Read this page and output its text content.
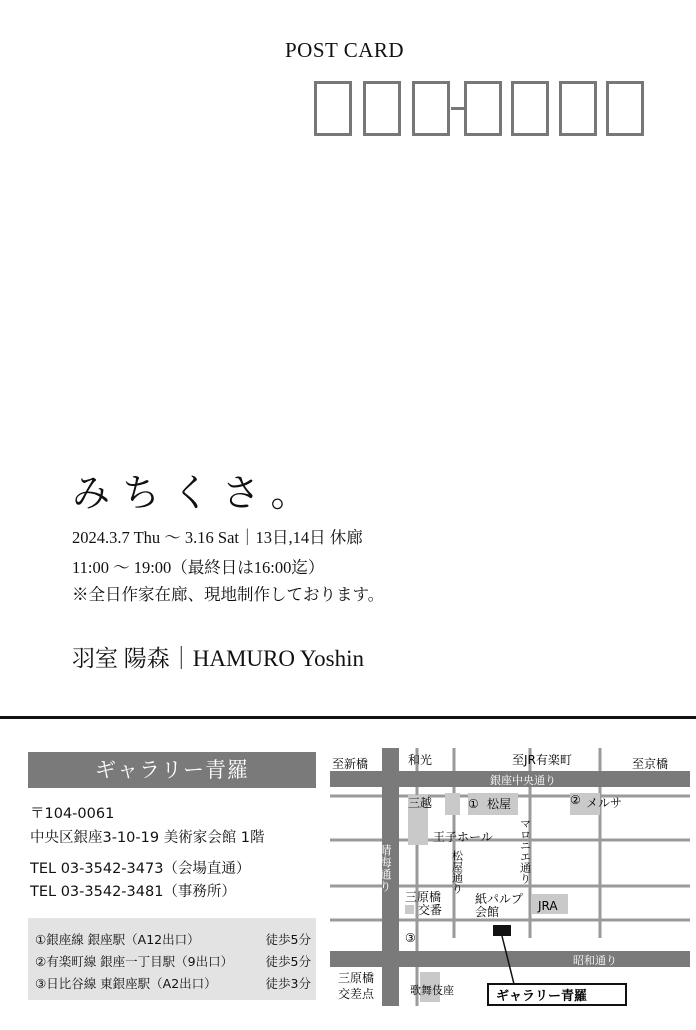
POST CARD
みちくさ。
2024.3.7 Thu ～ 3.16 Sat｜13日,14日 休廊
11:00 ～ 19:00（最終日は16:00迄）
※全日作家在廊、現地制作しております。
羽室 陽森｜HAMURO Yoshin
ギャラリー青羅
〒104-0061
中央区銀座3-10-19 美術家会館 1階
TEL 03-3542-3473（会場直通）
TEL 03-3542-3481（事務所）
①銀座線 銀座駅（A12出口）	徒歩5分
②有楽町線 銀座一丁目駅（9出口）	徒歩5分
③日比谷線 東銀座駅（A2出口）	徒歩3分
至新橋	和光	至JR有楽町	至京橋
銀座中央通り
三越	① 松屋	② メルサ
王子ホール
③
三原橋
交番
紙パルプ
会館	JRA
昭和通り
三原橋
交差点	歌舞伎座	ギャラリー青羅
晴海通り	松屋通り	マロニエ通り
